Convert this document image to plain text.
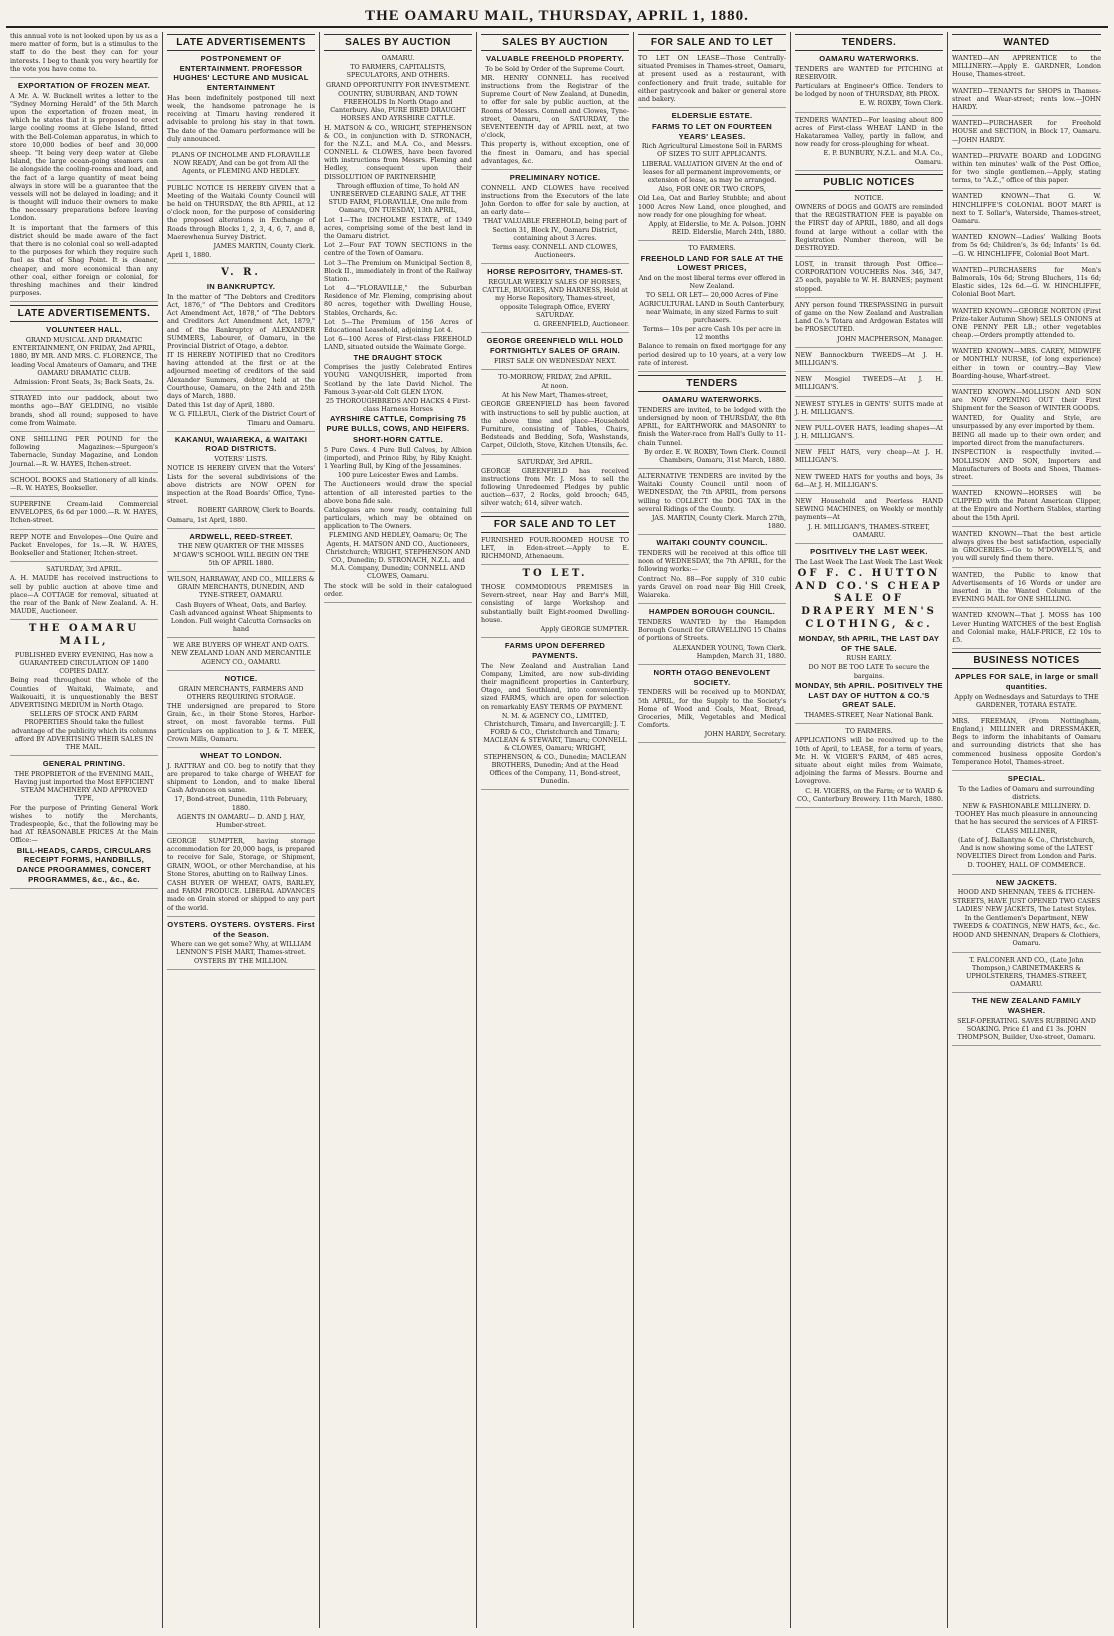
THE OAMARU MAIL, THURSDAY, APRIL 1, 1880.

this annual vote is not looked upon by us as a mere matter of form, but is a stimulus to the staff to do the best they can for your interests. I beg to thank you very heartily for the vote you have come to.

EXPORTATION OF FROZEN MEAT.

A Mr. A. W. Bucknell writes a letter to the "Sydney Morning Herald" of the 5th March upon the exportation of frozen meat, in which he states that it is proposed to erect large cooling rooms at Glebe Island, fitted with the Bell-Coleman apparatus, in which to store 10,000 bodies of beef and 30,000 sheep. "It being very deep water at Glebe Island, the large ocean-going steamers can lie alongside the cooling-rooms and load, and the fact of a large quantity of meat being always in store will be a guarantee that the vessels will not be delayed in loading; and it is thought will induce their owners to make the necessary preparations before leaving London.

It is important that the farmers of this district should be made aware of the fact that there is no colonial coal so well-adapted to the purposes for which they require such fuel as that of Shag Point. It is cleaner, cheaper, and more economical than any other coal, either foreign or colonial, for threshing machines and their kindred purposes.

LATE ADVERTISEMENTS.

VOLUNTEER HALL.

GRAND MUSICAL AND DRAMATIC ENTERTAINMENT, ON FRIDAY, 2nd APRIL, 1880, BY MR. AND MRS. C. FLORENCE, The leading Vocal Amateurs of Oamaru, and THE OAMARU DRAMATIC CLUB.

Admission: Front Seats, 3s; Back Seats, 2s.

STRAYED into our paddock, about two months ago—BAY GELDING, no visible brands, shod all round; supposed to have come from Waimate.

ONE SHILLING PER POUND for the following Magazines:—Spurgeon's Tabernacle, Sunday Magazine, and London Journal.—R. W. HAYES, Itchen-street.

SCHOOL BOOKS and Stationery of all kinds.—R. W. HAYES, Bookseller.

SUPERFINE Cream-laid Commercial ENVELOPES, 6s 6d per 1000.—R. W. HAYES, Itchen-street.

REPP NOTE and Envelopes—One Quire and Packet Envelopes, for 1s.—R. W. HAYES, Bookseller and Stationer, Itchen-street.

SATURDAY, 3rd APRIL.

A. H. MAUDE has received instructions to sell by public auction at above time and place—A COTTAGE for removal, situated at the rear of the Bank of New Zealand. A. H. MAUDE, Auctioneer.

THE OAMARU MAIL,

PUBLISHED EVERY EVENING, Has now a GUARANTEED CIRCULATION OF 1400 COPIES DAILY.

Being read throughout the whole of the Counties of Waitaki, Waimate, and Waikouaiti, it is unquestionably the BEST ADVERTISING MEDIUM in North Otago.

SELLERS OF STOCK AND FARM PROPERTIES Should take the fullest advantage of the publicity which its columns afford BY ADVERTISING THEIR SALES IN THE MAIL.

GENERAL PRINTING.

THE PROPRIETOR of the EVENING MAIL, Having just imported the Most EFFICIENT STEAM MACHINERY AND APPROVED TYPE,

For the purpose of Printing General Work wishes to notify the Merchants, Tradespeople, &c., that the following may be had AT REASONABLE PRICES At the Main Office:—

BILL-HEADS, CARDS, CIRCULARS RECEIPT FORMS, HANDBILLS, DANCE PROGRAMMES, CONCERT PROGRAMMES, &c., &c., &c.

LATE ADVERTISEMENTS

POSTPONEMENT OF ENTERTAINMENT. PROFESSOR HUGHES' LECTURE AND MUSICAL ENTERTAINMENT

Has been indefinitely postponed till next week, the handsome patronage he is receiving at Timaru having rendered it advisable to prolong his stay in that town. The date of the Oamaru performance will be duly announced.

PLANS OF INCHOLME AND FLORAVILLE NOW READY, And can be got from All the Agents, or FLEMING AND HEDLEY.

PUBLIC NOTICE IS HEREBY GIVEN that a Meeting of the Waitaki County Council will be held on THURSDAY, the 8th APRIL, at 12 o'clock noon, for the purpose of considering the proposed alterations in Exchange of Roads through Blocks 1, 2, 3, 4, 6, 7, and 8, Maerewhenua Survey District.

JAMES MARTIN, County Clerk.

April 1, 1880.

V. R.

IN BANKRUPTCY.

In the matter of "The Debtors and Creditors Act, 1876," of "The Debtors and Creditors Act Amendment Act, 1878," of "The Debtors and Creditors Act Amendment Act, 1879," and of the Bankruptcy of ALEXANDER SUMMERS, Labourer, of Oamaru, in the Provincial District of Otago, a debtor.

IT IS HEREBY NOTIFIED that no Creditors having attended at the first or at the adjourned meeting of creditors of the said Alexander Summers, debtor, held at the Courthouse, Oamaru, on the 24th and 25th days of March, 1880.

Dated this 1st day of April, 1880.

W. G. FILLEUL, Clerk of the District Court of Timaru and Oamaru.

KAKANUI, WAIAREKA, & WAITAKI ROAD DISTRICTS.

VOTERS' LISTS.

NOTICE IS HEREBY GIVEN that the Voters' Lists for the several subdivisions of the above districts are NOW OPEN for inspection at the Road Boards' Office, Tyne-street.

ROBERT GARROW, Clerk to Boards.

Oamaru, 1st April, 1880.

ARDWELL, REED-STREET.

THE NEW QUARTER OF THE MISSES M'GAW'S SCHOOL WILL BEGIN ON THE 5th OF APRIL 1880.

WILSON, HARRAWAY, AND CO., MILLERS & GRAIN MERCHANTS, DUNEDIN, AND TYNE-STREET, OAMARU.

Cash Buyers of Wheat, Oats, and Barley. Cash advanced against Wheat Shipments to London. Full weight Calcutta Cornsacks on hand

WE ARE BUYERS OF WHEAT AND OATS. NEW ZEALAND LOAN AND MERCANTILE AGENCY CO., OAMARU.

NOTICE.

GRAIN MERCHANTS, FARMERS AND OTHERS REQUIRING STORAGE.

THE undersigned are prepared to Store Grain, &c., in their Stone Stores, Harbor-street, on most favorable terms. Full particulars on application to J. & T. MEEK, Crown Mills, Oamaru.

WHEAT TO LONDON.

J. RATTRAY and CO. beg to notify that they are prepared to take charge of WHEAT for shipment to London, and to make liberal Cash Advances on same.

17, Bond-street, Dunedin, 11th February, 1880.

AGENTS IN OAMARU— D. AND J. HAY, Humber-street.

GEORGE SUMPTER, having storage accommodation for 20,000 bags, is prepared to receive for Sale, Storage, or Shipment, GRAIN, WOOL, or other Merchandise, at his Stone Stores, abutting on to Railway Lines.

CASH BUYER OF WHEAT, OATS, BARLEY, and FARM PRODUCE. LIBERAL ADVANCES made on Grain stored or shipped to any part of the world.

OYSTERS. OYSTERS. OYSTERS. First of the Season.

Where can we get some? Why, at WILLIAM LENNON'S FISH MART, Thames-street. OYSTERS BY THE MILLION.

SALES BY AUCTION

OAMARU.

TO FARMERS, CAPITALISTS, SPECULATORS, AND OTHERS.

GRAND OPPORTUNITY FOR INVESTMENT.

COUNTRY, SUBURBAN, AND TOWN FREEHOLDS In North Otago and Canterbury. Also, PURE BRED DRAUGHT HORSES AND AYRSHIRE CATTLE.

H. MATSON & CO., WRIGHT, STEPHENSON & CO., in conjunction with D. STRONACH, for the N.Z.L. and M.A. Co., and Messrs. CONNELL & CLOWES, have been favored with instructions from Messrs. Fleming and Hedley, consequent upon their DISSOLUTION OF PARTNERSHIP,

Through effluxion of time, To hold AN UNRESERVED CLEARING SALE, AT THE STUD FARM, FLORAVILLE, One mile from Oamaru, ON TUESDAY, 13th APRIL,

Lot 1—The INCHOLME ESTATE, of 1349 acres, comprising some of the best land in the Oamaru district.

Lot 2—Four FAT TOWN SECTIONS in the centre of the Town of Oamaru.

Lot 3—The Premium on Municipal Section 8, Block II., immediately in front of the Railway Station.

Lot 4—"FLORAVILLE," the Suburban Residence of Mr. Fleming, comprising about 80 acres, together with Dwelling House, Stables, Orchards, &c.

Lot 5—The Premium of 156 Acres of Educational Leasehold, adjoining Lot 4.

Lot 6—100 Acres of First-class FREEHOLD LAND, situated outside the Waimate Gorge.

THE DRAUGHT STOCK

Comprises the justly Celebrated Entires YOUNG VANQUISHER, imported from Scotland by the late David Nichol. The Famous 3-year-old Colt GLEN LYON.

25 THOROUGHBREDS AND HACKS 4 First-class Harness Horses

AYRSHIRE CATTLE, Comprising 75 PURE BULLS, COWS, AND HEIFERS.

SHORT-HORN CATTLE.

5 Pure Cows. 4 Pure Bull Calves, by Albion (imported), and Prince Riby, by Riby Knight. 1 Yearling Bull, by King of the Jessamines.

100 pure Leicester Ewes and Lambs.

The Auctioneers would draw the special attention of all interested parties to the above bona fide sale.

Catalogues are now ready, containing full particulars, which may be obtained on application to The Owners.

FLEMING AND HEDLEY, Oamaru; Or, The Agents, H. MATSON AND CO., Auctioneers, Christchurch; WRIGHT, STEPHENSON AND CO., Dunedin; D. STRONACH, N.Z.L. and M.A. Company, Dunedin; CONNELL AND CLOWES, Oamaru.

The stock will be sold in their catalogued order.

SALES BY AUCTION

VALUABLE FREEHOLD PROPERTY.

To be Sold by Order of the Supreme Court.

MR. HENRY CONNELL has received instructions from the Registrar of the Supreme Court of New Zealand, at Dunedin, to offer for sale by public auction, at the Rooms of Messrs. Connell and Clowes, Tyne-street, Oamaru, on SATURDAY, the SEVENTEENTH day of APRIL next, at two o'clock,

This property is, without exception, one of the finest in Oamaru, and has special advantages, &c.

PRELIMINARY NOTICE.

CONNELL AND CLOWES have received instructions from the Executors of the late John Gordon to offer for sale by auction, at an early date—

THAT VALUABLE FREEHOLD, being part of Section 31, Block IV., Oamaru District, containing about 3 Acres.

Terms easy. CONNELL AND CLOWES, Auctioneers.

HORSE REPOSITORY, THAMES-ST.

REGULAR WEEKLY SALES OF HORSES, CATTLE, BUGGIES, AND HARNESS, Held at my Horse Repository, Thames-street, opposite Telegraph Office, EVERY SATURDAY.

G. GREENFIELD, Auctioneer.

GEORGE GREENFIELD WILL HOLD FORTNIGHTLY SALES OF GRAIN.

FIRST SALE ON WEDNESDAY NEXT.

TO-MORROW, FRIDAY, 2nd APRIL.

At noon.

At his New Mart, Thames-street,

GEORGE GREENFIELD has been favored with instructions to sell by public auction, at the above time and place—Household Furniture, consisting of Tables, Chairs, Bedsteads and Bedding, Sofa, Washstands, Carpet, Oilcloth, Stove, Kitchen Utensils, &c.

SATURDAY, 3rd APRIL.

GEORGE GREENFIELD has received instructions from Mr. J. Moss to sell the following Unredeemed Pledges by public auction—637, 2 Rocks, gold brooch; 645, silver watch; 614, silver watch.

FOR SALE AND TO LET

FURNISHED FOUR-ROOMED HOUSE TO LET, in Eden-street.—Apply to E. RICHMOND, Athenaeum.

TO LET.

THOSE COMMODIOUS PREMISES in Severn-street, near Hay and Barr's Mill, consisting of large Workshop and substantially built Eight-roomed Dwelling-house.

Apply GEORGE SUMPTER.

FARMS UPON DEFERRED PAYMENTS.

The New Zealand and Australian Land Company, Limited, are now sub-dividing their magnificent properties in Canterbury, Otago, and Southland, into conveniently-sized FARMS, which are open for selection on remarkably EASY TERMS OF PAYMENT.

N. M. & AGENCY CO., LIMITED, Christchurch, Timaru, and Invercargill; J. T. FORD & CO., Christchurch and Timaru; MACLEAN & STEWART, Timaru; CONNELL & CLOWES, Oamaru; WRIGHT, STEPHENSON, & CO., Dunedin; MACLEAN BROTHERS, Dunedin; And at the Head Offices of the Company, 11, Bond-street, Dunedin.

FOR SALE AND TO LET

TO LET ON LEASE—Those Centrally-situated Premises in Thames-street, Oamaru, at present used as a restaurant, with confectionery and fruit trade, suitable for either pastrycook and baker or general store and bakery.

ELDERSLIE ESTATE.

FARMS TO LET ON FOURTEEN YEARS' LEASES.

Rich Agricultural Limestone Soil in FARMS OF SIZES TO SUIT APPLICANTS.

LIBERAL VALUATION GIVEN At the end of leases for all permanent improvements, or extension of lease, as may be arranged.

Also, FOR ONE OR TWO CROPS,

Old Lea, Oat and Barley Stubble; and about 1000 Acres New Land, once ploughed, and now ready for one ploughing for wheat.

Apply, at Elderslie, to Mr. A. Polson. JOHN REID. Elderslie, March 24th, 1880.

TO FARMERS.

FREEHOLD LAND FOR SALE AT THE LOWEST PRICES,

And on the most liberal terms ever offered in New Zealand.

TO SELL OR LET— 20,000 Acres of Fine AGRICULTURAL LAND in South Canterbury, near Waimate, in any sized Farms to suit purchasers.

Terms— 10s per acre Cash 10s per acre in 12 months

Balance to remain on fixed mortgage for any period desired up to 10 years, at a very low rate of interest.

TENDERS

OAMARU WATERWORKS.

TENDERS are invited, to be lodged with the undersigned by noon of THURSDAY, the 8th APRIL, for EARTHWORK and MASONRY to finish the Water-race from Hall's Gully to 11-chain Tunnel.

By order. E. W. ROXBY, Town Clerk. Council Chambers, Oamaru, 31st March, 1880.

ALTERNATIVE TENDERS are invited by the Waitaki County Council until noon of WEDNESDAY, the 7th APRIL, from persons willing to COLLECT the DOG TAX in the several Ridings of the County.

JAS. MARTIN, County Clerk. March 27th, 1880.

WAITAKI COUNTY COUNCIL.

TENDERS will be received at this office till noon of WEDNESDAY, the 7th APRIL, for the following works:—

Contract No. 88—For supply of 310 cubic yards Gravel on road near Big Hill Creek, Waiareka.

HAMPDEN BOROUGH COUNCIL.

TENDERS WANTED by the Hampden Borough Council for GRAVELLING 15 Chains of portions of Streets.

ALEXANDER YOUNG, Town Clerk. Hampden, March 31, 1880.

NORTH OTAGO BENEVOLENT SOCIETY.

TENDERS will be received up to MONDAY, 5th APRIL, for the Supply to the Society's Home of Wood and Coals, Meat, Bread, Groceries, Milk, Vegetables and Medical Comforts.

JOHN HARDY, Secretary.

TENDERS.

OAMARU WATERWORKS.

TENDERS are WANTED for PITCHING at RESERVOIR.

Particulars at Engineer's Office. Tenders to be lodged by noon of THURSDAY, 8th PROX.

E. W. ROXBY, Town Clerk.

TENDERS WANTED—For leasing about 800 acres of First-class WHEAT LAND in the Hakataramea Valley, partly in fallow, and now ready for cross-ploughing for wheat.

E. P. BUNBURY, N.Z.L. and M.A. Co., Oamaru.

PUBLIC NOTICES

NOTICE.

OWNERS of DOGS and GOATS are reminded that the REGISTRATION FEE is payable on the FIRST day of APRIL, 1880, and all dogs found at large without a collar with the Registration Number thereon, will be DESTROYED.

LOST, in transit through Post Office—CORPORATION VOUCHERS Nos. 346, 347, 25 each, payable to W. H. BARNES; payment stopped.

ANY person found TRESPASSING in pursuit of game on the New Zealand and Australian Land Co.'s Totara and Ardgowan Estates will be PROSECUTED.

JOHN MACPHERSON, Manager.

NEW Bannockburn TWEEDS—At J. H. MILLIGAN'S.

NEW Mosgiel TWEEDS—At J. H. MILLIGAN'S.

NEWEST STYLES in GENTS' SUITS made at J. H. MILLIGAN'S.

NEW PULL-OVER HATS, leading shapes—At J. H. MILLIGAN'S.

NEW FELT HATS, very cheap—At J. H. MILLIGAN'S.

NEW TWEED HATS for youths and boys, 3s 6d—At J. H. MILLIGAN'S.

NEW Household and Peerless HAND SEWING MACHINES, on Weekly or monthly payments—At

J. H. MILLIGAN'S, THAMES-STREET, OAMARU.

POSITIVELY THE LAST WEEK.

The Last Week The Last Week The Last Week

OF F. C. HUTTON AND CO.'S CHEAP SALE OF DRAPERY MEN'S CLOTHING, &c.

MONDAY, 5th APRIL, THE LAST DAY OF THE SALE.

RUSH EARLY.

DO NOT BE TOO LATE To secure the bargains.

MONDAY, 5th APRIL. POSITIVELY THE LAST DAY OF HUTTON & CO.'S GREAT SALE.

THAMES-STREET, Near National Bank.

TO FARMERS.

APPLICATIONS will be received up to the 10th of April, to LEASE, for a term of years, Mr. H. W. VIGER'S FARM, of 485 acres, situate about eight miles from Waimate, adjoining the farms of Messrs. Bourne and Lovegrove.

C. H. VIGERS, on the Farm; or to WARD & CO., Canterbury Brewery. 11th March, 1880.

WANTED

WANTED—AN APPRENTICE to the MILLINERY.—Apply E. GARDNER, London House, Thames-street.

WANTED—TENANTS for SHOPS in Thames-street and Wear-street; rents low.—JOHN HARDY.

WANTED—PURCHASER for Freehold HOUSE and SECTION, in Block 17, Oamaru.—JOHN HARDY.

WANTED—PRIVATE BOARD and LODGING within ten minutes' walk of the Post Office, for two single gentlemen.—Apply, stating terms, to "A.Z.," office of this paper.

WANTED KNOWN—That G. W. HINCHLIFFE'S COLONIAL BOOT MART is next to T. Sollar's, Waterside, Thames-street, Oamaru.

WANTED KNOWN—Ladies' Walking Boots from 5s 6d; Children's, 3s 6d; Infants' 1s 6d.—G. W. HINCHLIFFE, Colonial Boot Mart.

WANTED—PURCHASERS for Men's Balmorals, 10s 6d; Strong Bluchers, 11s 6d; Elastic sides, 12s 6d.—G. W. HINCHLIFFE, Colonial Boot Mart.

WANTED KNOWN—GEORGE NORTON (First Prize-taker Autumn Show) SELLS ONIONS at ONE PENNY PER LB.; other vegetables cheap.—Orders promptly attended to.

WANTED KNOWN—MRS. CAREY, MIDWIFE or MONTHLY NURSE, (of long experience) either in town or country.—Bay View Boarding-house, Wharf-street.

WANTED KNOWN—MOLLISON AND SON are NOW OPENING OUT their First Shipment for the Season of WINTER GOODS.

WANTED, for Quality and Style, are unsurpassed by any ever imported by them.

BEING all made up to their own order, and imported direct from the manufacturers.

INSPECTION is respectfully invited.—MOLLISON AND SON, Importers and Manufacturers of Boots and Shoes, Thames-street.

WANTED KNOWN—HORSES will be CLIPPED with the Patent American Clipper, at the Empire and Northern Stables, starting about the 15th April.

WANTED KNOWN—That the best article always gives the best satisfaction, especially in GROCERIES.—Go to M'DOWELL'S, and you will surely find them there.

WANTED, the Public to know that Advertisements of 16 Words or under are inserted in the Wanted Column of the EVENING MAIL for ONE SHILLING.

WANTED KNOWN—That J. MOSS has 100 Lever Hunting WATCHES of the best English and Colonial make, HALF-PRICE, £2 10s to £5.

BUSINESS NOTICES

APPLES FOR SALE, in large or small quantities.

Apply on Wednesdays and Saturdays to THE GARDENER, TOTARA ESTATE.

MRS. FREEMAN, (From Nottingham, England,) MILLINER and DRESSMAKER, Begs to inform the inhabitants of Oamaru and surrounding districts that she has commenced business opposite Gordon's Temperance Hotel, Thames-street.

SPECIAL.

To the Ladies of Oamaru and surrounding districts.

NEW & FASHIONABLE MILLINERY. D. TOOHEY Has much pleasure in announcing that he has secured the services of A FIRST-CLASS MILLINER,

(Late of J. Ballantyne & Co., Christchurch, And is now showing some of the LATEST NOVELTIES Direct from London and Paris.

D. TOOHEY, HALL OF COMMERCE.

NEW JACKETS.

HOOD AND SHENNAN, TEES & ITCHEN-STREETS, HAVE JUST OPENED TWO CASES LADIES' NEW JACKETS, The Latest Styles.

In the Gentlemen's Department, NEW TWEEDS & COATINGS, NEW HATS, &c., &c.

HOOD AND SHENNAN, Drapers & Clothiers, Oamaru.

T. FALCONER AND CO., (Late John Thompson,) CABINETMAKERS & UPHOLSTERERS, THAMES-STREET, OAMARU.

THE NEW ZEALAND FAMILY WASHER.

SELF-OPERATING. SAVES RUBBING AND SOAKING. Price £1 and £1 3s. JOHN THOMPSON, Builder, Uxe-street, Oamaru.
